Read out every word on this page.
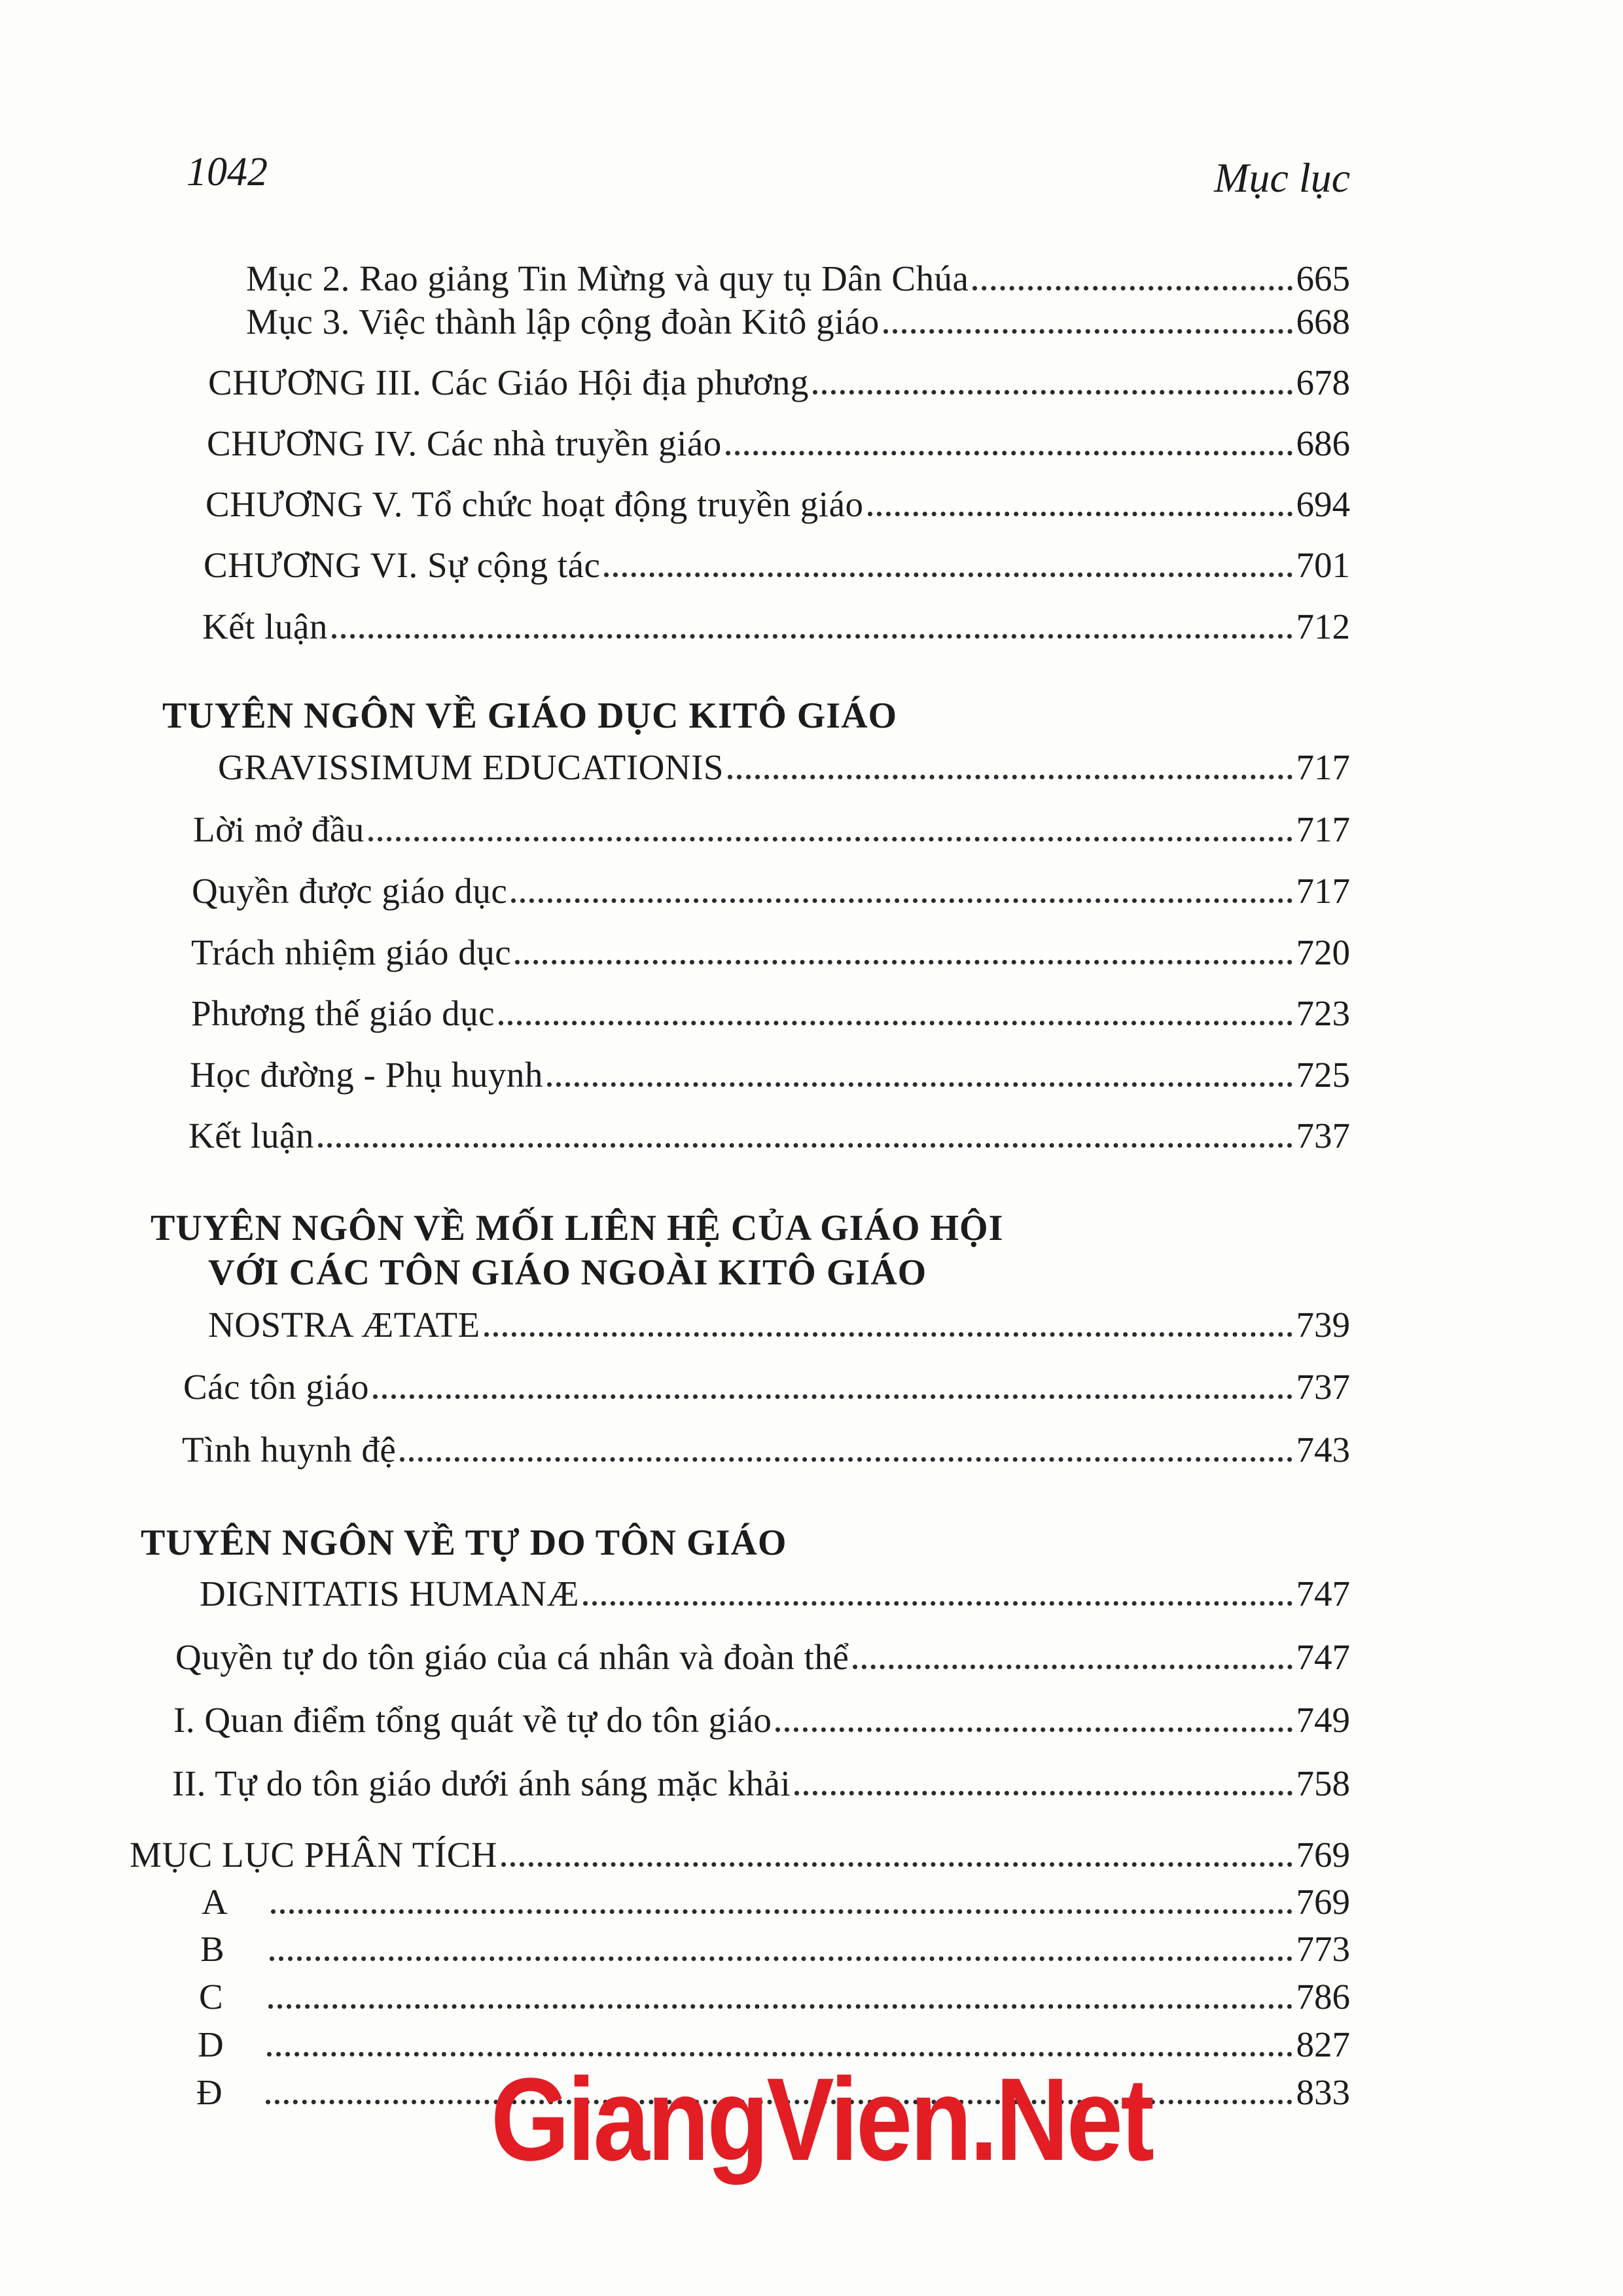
1042	Mục lục
Mục 2. Rao giảng Tin Mừng và quy tụ Dân Chúa	665
Mục 3. Việc thành lập cộng đoàn Kitô giáo	668
CHƯƠNG III. Các Giáo Hội địa phương	678
CHƯƠNG IV. Các nhà truyền giáo	686
CHƯƠNG V. Tổ chức hoạt động truyền giáo	694
CHƯƠNG VI. Sự cộng tác	701
Kết luận	712
TUYÊN NGÔN VỀ GIÁO DỤC KITÔ GIÁO
GRAVISSIMUM EDUCATIONIS	717
Lời mở đầu	717
Quyền được giáo dục	717
Trách nhiệm giáo dục	720
Phương thế giáo dục	723
Học đường - Phụ huynh	725
Kết luận	737
TUYÊN NGÔN VỀ MỐI LIÊN HỆ CỦA GIÁO HỘI
VỚI CÁC TÔN GIÁO NGOÀI KITÔ GIÁO
NOSTRA ÆTATE	739
Các tôn giáo	737
Tình huynh đệ	743
TUYÊN NGÔN VỀ TỰ DO TÔN GIÁO
DIGNITATIS HUMANÆ	747
Quyền tự do tôn giáo của cá nhân và đoàn thể	747
I. Quan điểm tổng quát về tự do tôn giáo	749
II. Tự do tôn giáo dưới ánh sáng mặc khải	758
MỤC LỤC PHÂN TÍCH	769
A	769
B	773
C	786
D	827
Đ	833
GiangVien.Net
